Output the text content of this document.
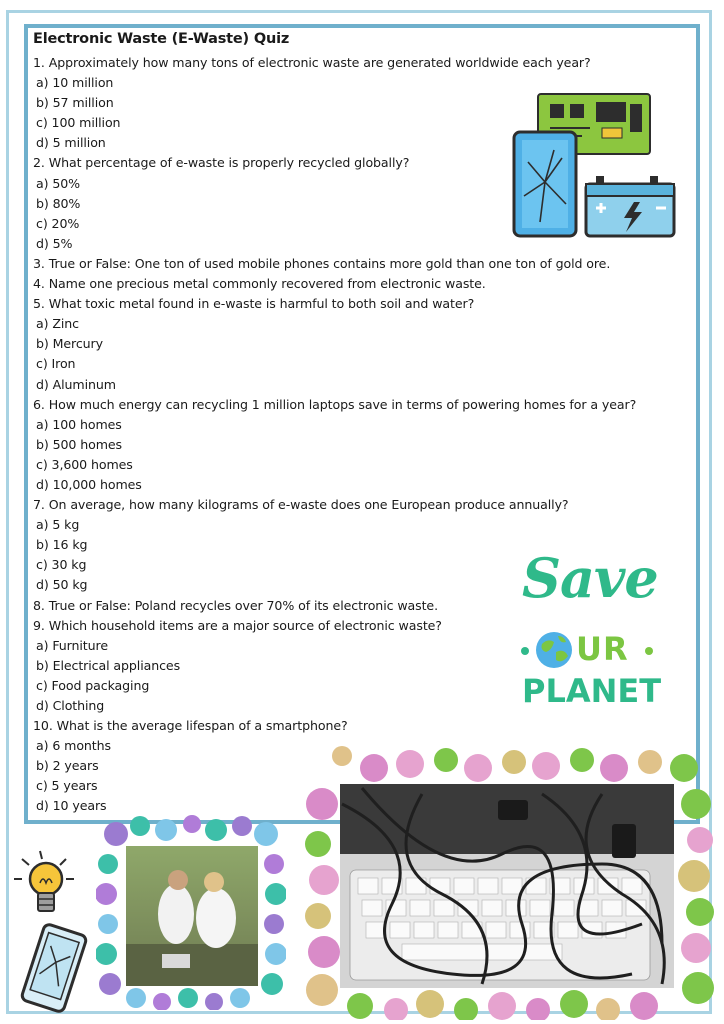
Electronic Waste (E-Waste) Quiz
1. Approximately how many tons of electronic waste are generated worldwide each year?
a) 10 million
b) 57 million
c) 100 million
d) 5 million
2. What percentage of e-waste is properly recycled globally?
a) 50%
b) 80%
c) 20%
d) 5%
3. True or False: One ton of used mobile phones contains more gold than one ton of gold ore.
4. Name one precious metal commonly recovered from electronic waste.
5. What toxic metal found in e-waste is harmful to both soil and water?
a) Zinc
b) Mercury
c) Iron
d) Aluminum
6. How much energy can recycling 1 million laptops save in terms of powering homes for a year?
a) 100 homes
b) 500 homes
c) 3,600 homes
d) 10,000 homes
7. On average, how many kilograms of e-waste does one European produce annually?
a) 5 kg
b) 16 kg
c) 30 kg
d) 50 kg
8. True or False: Poland recycles over 70% of its electronic waste.
9. Which household items are a major source of electronic waste?
a) Furniture
b) Electrical appliances
c) Food packaging
d) Clothing
10. What is the average lifespan of a smartphone?
a) 6 months
b) 2 years
c) 5 years
d) 10 years
Save
UR
PLANET
